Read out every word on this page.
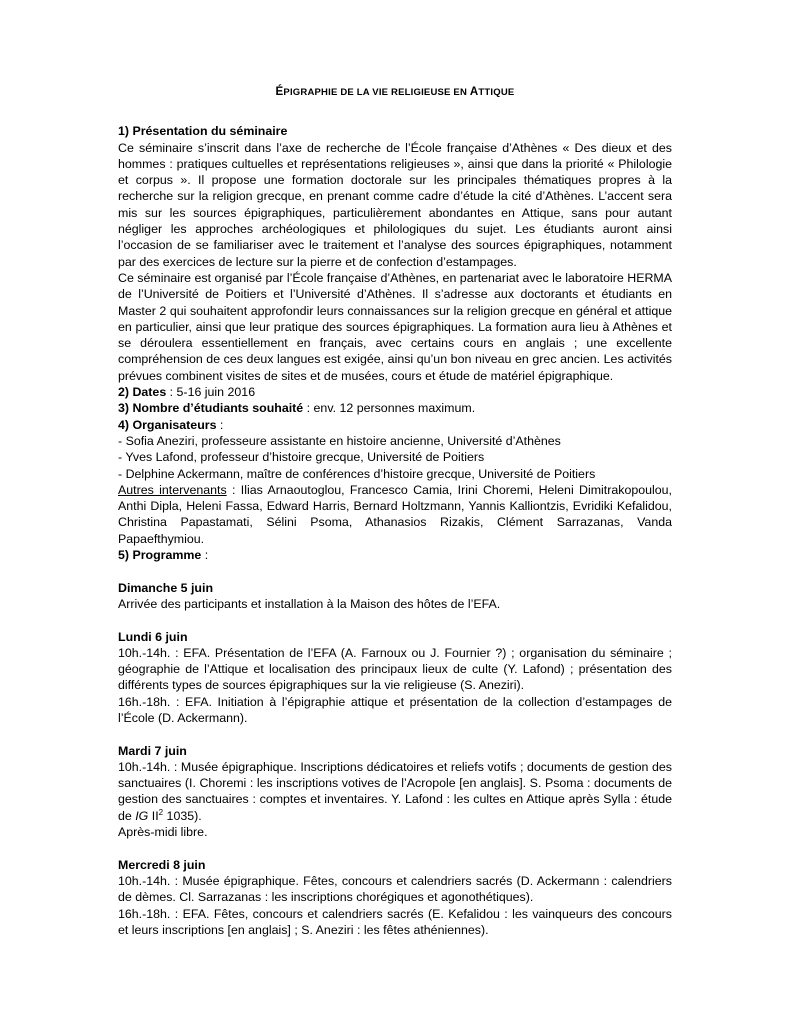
ÉPIGRAPHIE DE LA VIE RELIGIEUSE EN ATTIQUE
1) Présentation du séminaire

Ce séminaire s’inscrit dans l’axe de recherche de l’École française d’Athènes « Des dieux et des hommes : pratiques cultuelles et représentations religieuses », ainsi que dans la priorité « Philologie et corpus ». Il propose une formation doctorale sur les principales thématiques propres à la recherche sur la religion grecque, en prenant comme cadre d’étude la cité d’Athènes. L’accent sera mis sur les sources épigraphiques, particulièrement abondantes en Attique, sans pour autant négliger les approches archéologiques et philologiques du sujet. Les étudiants auront ainsi l’occasion de se familiariser avec le traitement et l’analyse des sources épigraphiques, notamment par des exercices de lecture sur la pierre et de confection d’estampages.

Ce séminaire est organisé par l’École française d’Athènes, en partenariat avec le laboratoire HERMA de l’Université de Poitiers et l’Université d’Athènes. Il s’adresse aux doctorants et étudiants en Master 2 qui souhaitent approfondir leurs connaissances sur la religion grecque en général et attique en particulier, ainsi que leur pratique des sources épigraphiques. La formation aura lieu à Athènes et se déroulera essentiellement en français, avec certains cours en anglais ; une excellente compréhension de ces deux langues est exigée, ainsi qu’un bon niveau en grec ancien. Les activités prévues combinent visites de sites et de musées, cours et étude de matériel épigraphique.

2) Dates : 5-16 juin 2016
3) Nombre d’étudiants souhaité : env. 12 personnes maximum.
4) Organisateurs :
- Sofia Aneziri, professeure assistante en histoire ancienne, Université d’Athènes
- Yves Lafond, professeur d’histoire grecque, Université de Poitiers
- Delphine Ackermann, maître de conférences d’histoire grecque, Université de Poitiers

Autres intervenants : Ilias Arnaoutoglou, Francesco Camia, Irini Choremi, Heleni Dimitrakopoulou, Anthi Dipla, Heleni Fassa, Edward Harris, Bernard Holtzmann, Yannis Kalliontzis, Evridiki Kefalidou, Christina Papastamati, Sélini Psoma, Athanasios Rizakis, Clément Sarrazanas, Vanda Papaefthymiou.

5) Programme :
Dimanche 5 juin
Arrivée des participants et installation à la Maison des hôtes de l’EFA.
Lundi 6 juin

10h.-14h. : EFA. Présentation de l’EFA (A. Farnoux ou J. Fournier ?) ; organisation du séminaire ; géographie de l’Attique et localisation des principaux lieux de culte (Y. Lafond) ; présentation des différents types de sources épigraphiques sur la vie religieuse (S. Aneziri).

16h.-18h. : EFA. Initiation à l’épigraphie attique et présentation de la collection d’estampages de l’École (D. Ackermann).

Mardi 7 juin

10h.-14h. : Musée épigraphique. Inscriptions dédicatoires et reliefs votifs ; documents de gestion des sanctuaires (I. Choremi : les inscriptions votives de l’Acropole [en anglais]. S. Psoma : documents de gestion des sanctuaires : comptes et inventaires. Y. Lafond : les cultes en Attique après Sylla : étude de IG $II^2$ 1035).

Après-midi libre.
Mercredi 8 juin

10h.-14h. : Musée épigraphique. Fêtes, concours et calendriers sacrés (D. Ackermann : calendriers de dèmes. Cl. Sarrazanas : les inscriptions chorégiques et agonothétiques).

16h.-18h. : EFA. Fêtes, concours et calendriers sacrés (E. Kefalidou : les vainqueurs des concours et leurs inscriptions [en anglais] ; S. Aneziri : les fêtes athéniennes).
